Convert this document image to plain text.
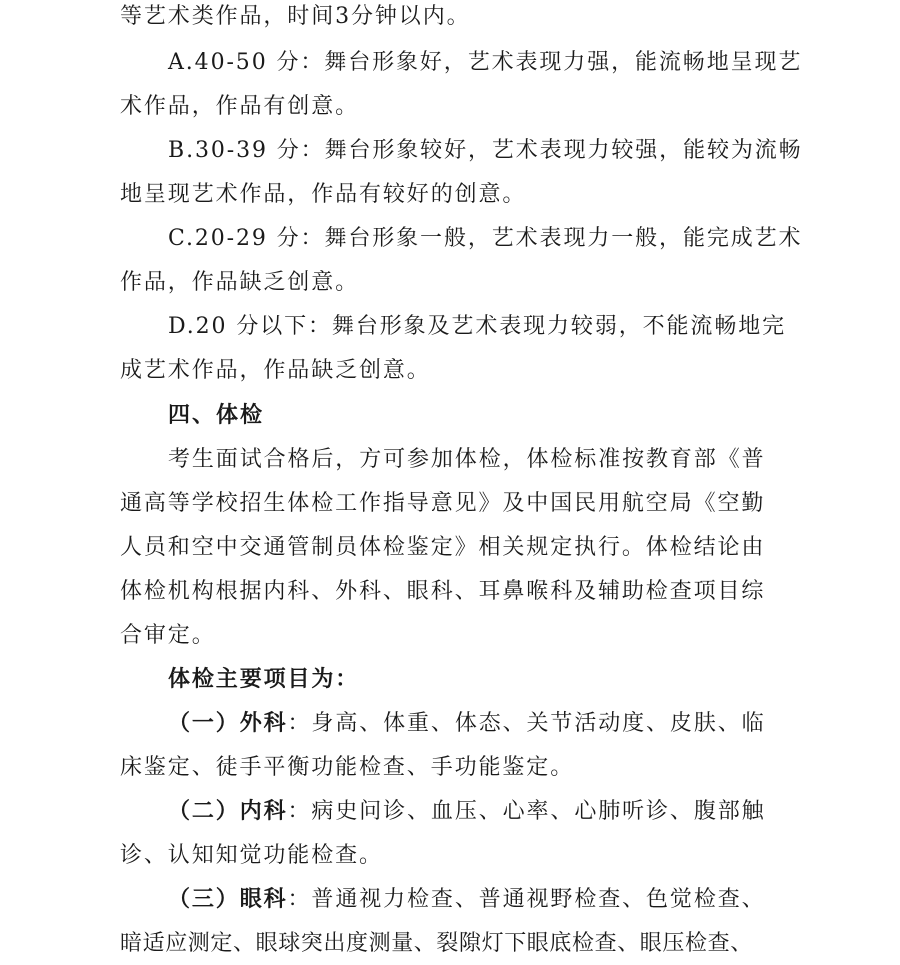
等艺术类作品，时间3分钟以内。
A.40-50 分：舞台形象好，艺术表现力强，能流畅地呈现艺
术作品，作品有创意。
B.30-39 分：舞台形象较好，艺术表现力较强，能较为流畅
地呈现艺术作品，作品有较好的创意。
C.20-29 分：舞台形象一般，艺术表现力一般，能完成艺术
作品，作品缺乏创意。
D.20 分以下：舞台形象及艺术表现力较弱，不能流畅地完
成艺术作品，作品缺乏创意。
四、体检
考生面试合格后，方可参加体检，体检标准按教育部《普
通高等学校招生体检工作指导意见》及中国民用航空局《空勤
人员和空中交通管制员体检鉴定》相关规定执行。体检结论由
体检机构根据内科、外科、眼科、耳鼻喉科及辅助检查项目综
合审定。
体检主要项目为：
（一）外科：身高、体重、体态、关节活动度、皮肤、临
床鉴定、徒手平衡功能检查、手功能鉴定。
（二）内科：病史问诊、血压、心率、心肺听诊、腹部触
诊、认知知觉功能检查。
（三）眼科：普通视力检查、普通视野检查、色觉检查、
暗适应测定、眼球突出度测量、裂隙灯下眼底检查、眼压检查、
